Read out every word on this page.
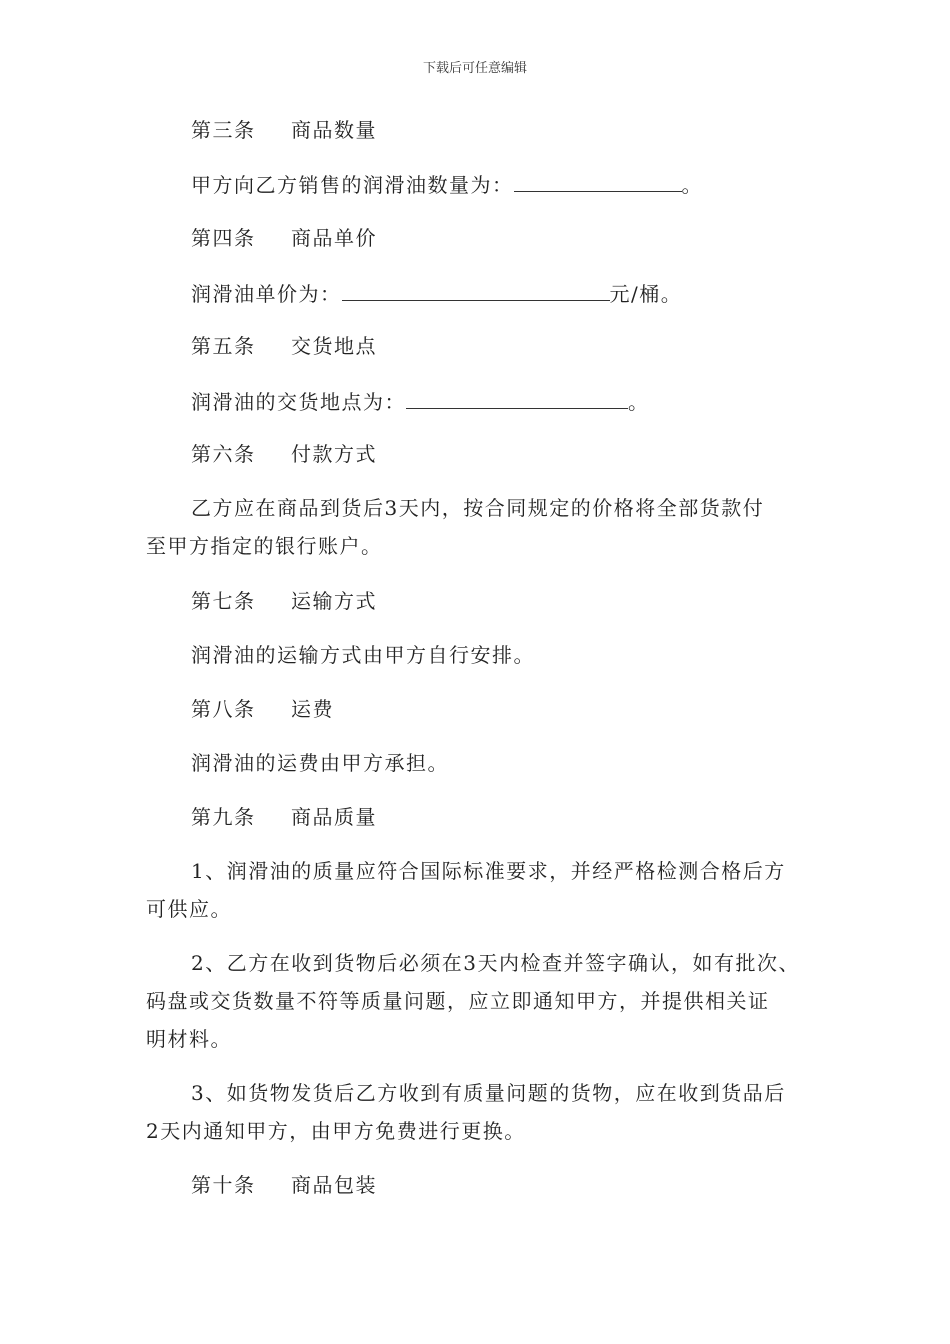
下载后可任意编辑
第三条 商品数量
甲方向乙方销售的润滑油数量为：	。
第四条 商品单价
润滑油单价为：	元/桶。
第五条 交货地点
润滑油的交货地点为：	。
第六条 付款方式
乙方应在商品到货后3天内，按合同规定的价格将全部货款付
至甲方指定的银行账户。
第七条 运输方式
润滑油的运输方式由甲方自行安排。
第八条 运费
润滑油的运费由甲方承担。
第九条 商品质量
1、润滑油的质量应符合国际标准要求，并经严格检测合格后方
可供应。
2、乙方在收到货物后必须在3天内检查并签字确认，如有批次、
码盘或交货数量不符等质量问题，应立即通知甲方，并提供相关证
明材料。
3、如货物发货后乙方收到有质量问题的货物，应在收到货品后
2天内通知甲方，由甲方免费进行更换。
第十条 商品包装
